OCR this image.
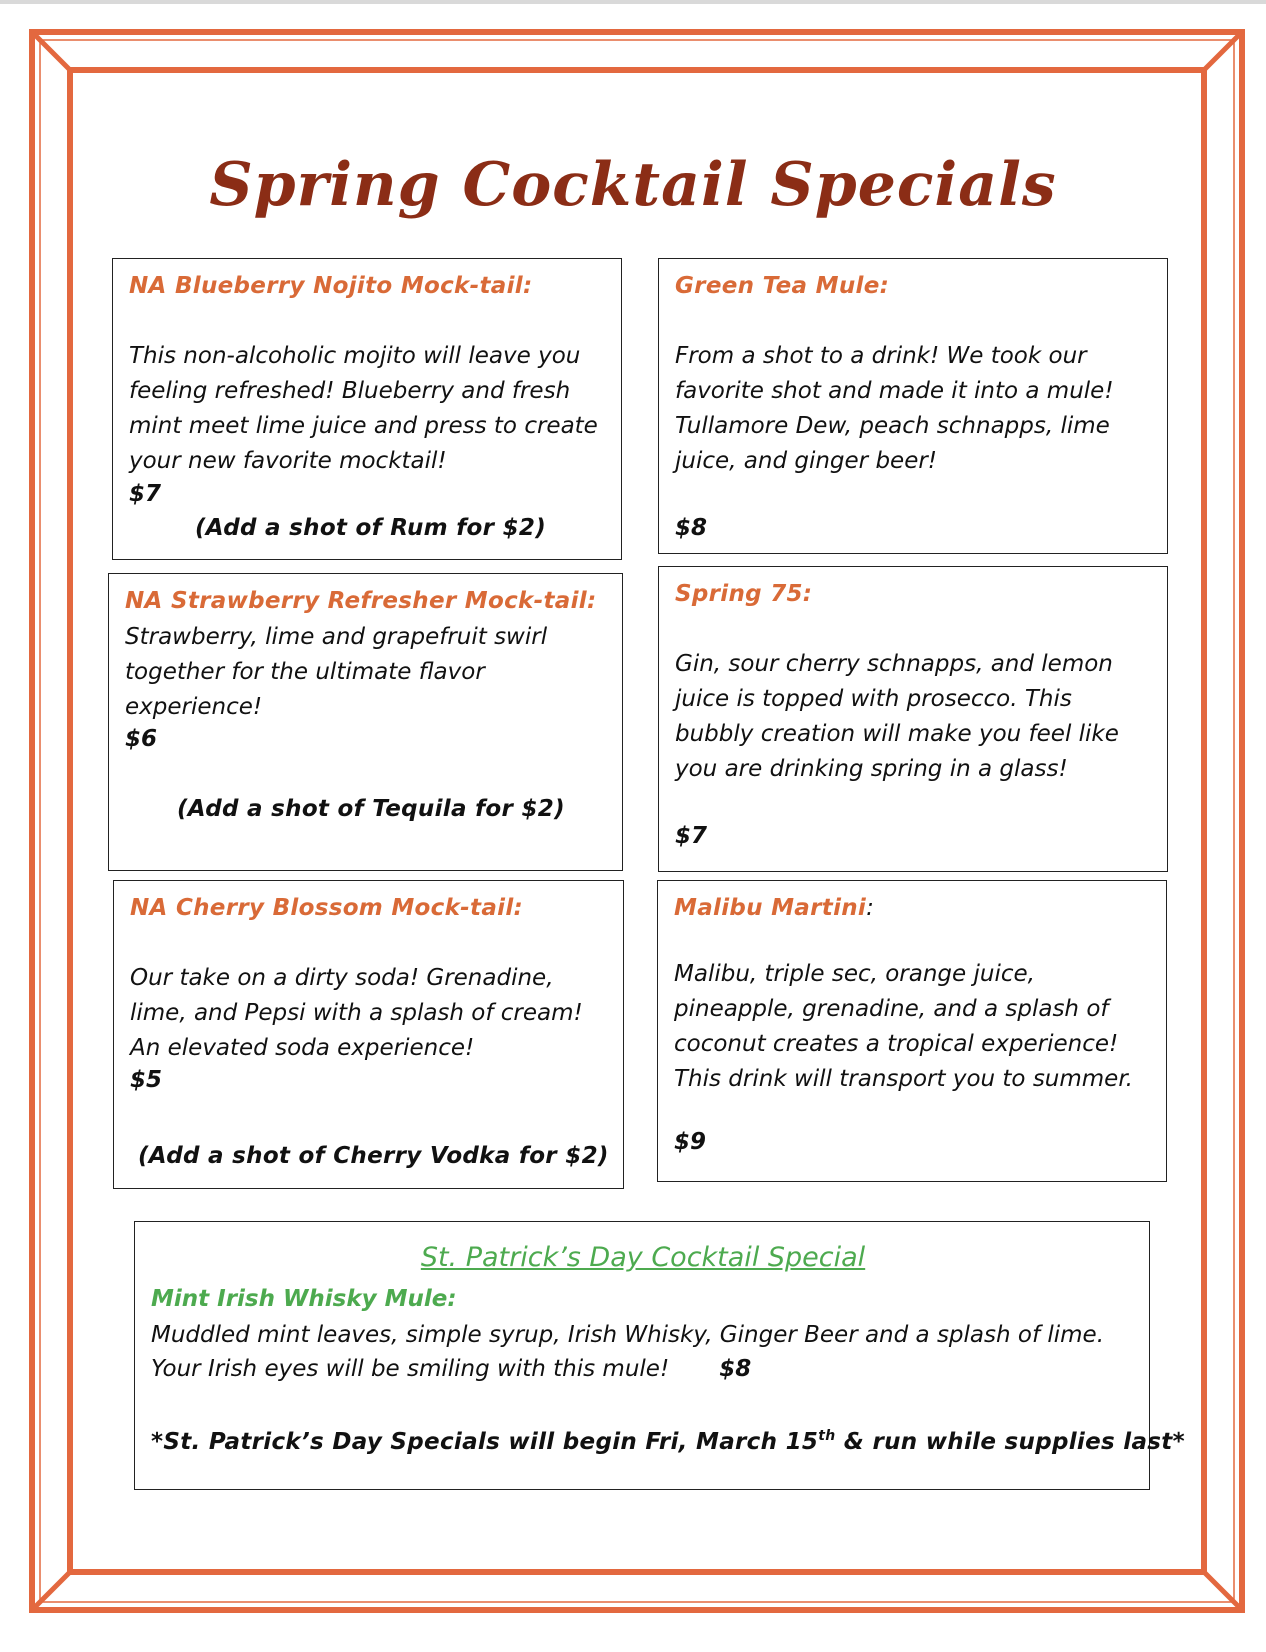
Spring Cocktail Specials
NA Blueberry Nojito Mock-tail:
This non-alcoholic mojito will leave you
feeling refreshed! Blueberry and fresh
mint meet lime juice and press to create
your new favorite mocktail!
$7
(Add a shot of Rum for $2)
Green Tea Mule:
From a shot to a drink! We took our
favorite shot and made it into a mule!
Tullamore Dew, peach schnapps, lime
juice, and ginger beer!
$8
NA Strawberry Refresher Mock-tail:
Strawberry, lime and grapefruit swirl
together for the ultimate flavor
experience!
$6
(Add a shot of Tequila for $2)
Spring 75:
Gin, sour cherry schnapps, and lemon
juice is topped with prosecco. This
bubbly creation will make you feel like
you are drinking spring in a glass!
$7
NA Cherry Blossom Mock-tail:
Our take on a dirty soda! Grenadine,
lime, and Pepsi with a splash of cream!
An elevated soda experience!
$5
(Add a shot of Cherry Vodka for $2)
Malibu Martini:
Malibu, triple sec, orange juice,
pineapple, grenadine, and a splash of
coconut creates a tropical experience!
This drink will transport you to summer.
$9
St. Patrick’s Day Cocktail Special
Mint Irish Whisky Mule:
Muddled mint leaves, simple syrup, Irish Whisky, Ginger Beer and a splash of lime.
Your Irish eyes will be smiling with this mule! $8
*St. Patrick’s Day Specials will begin Fri, March 15th & run while supplies last*
